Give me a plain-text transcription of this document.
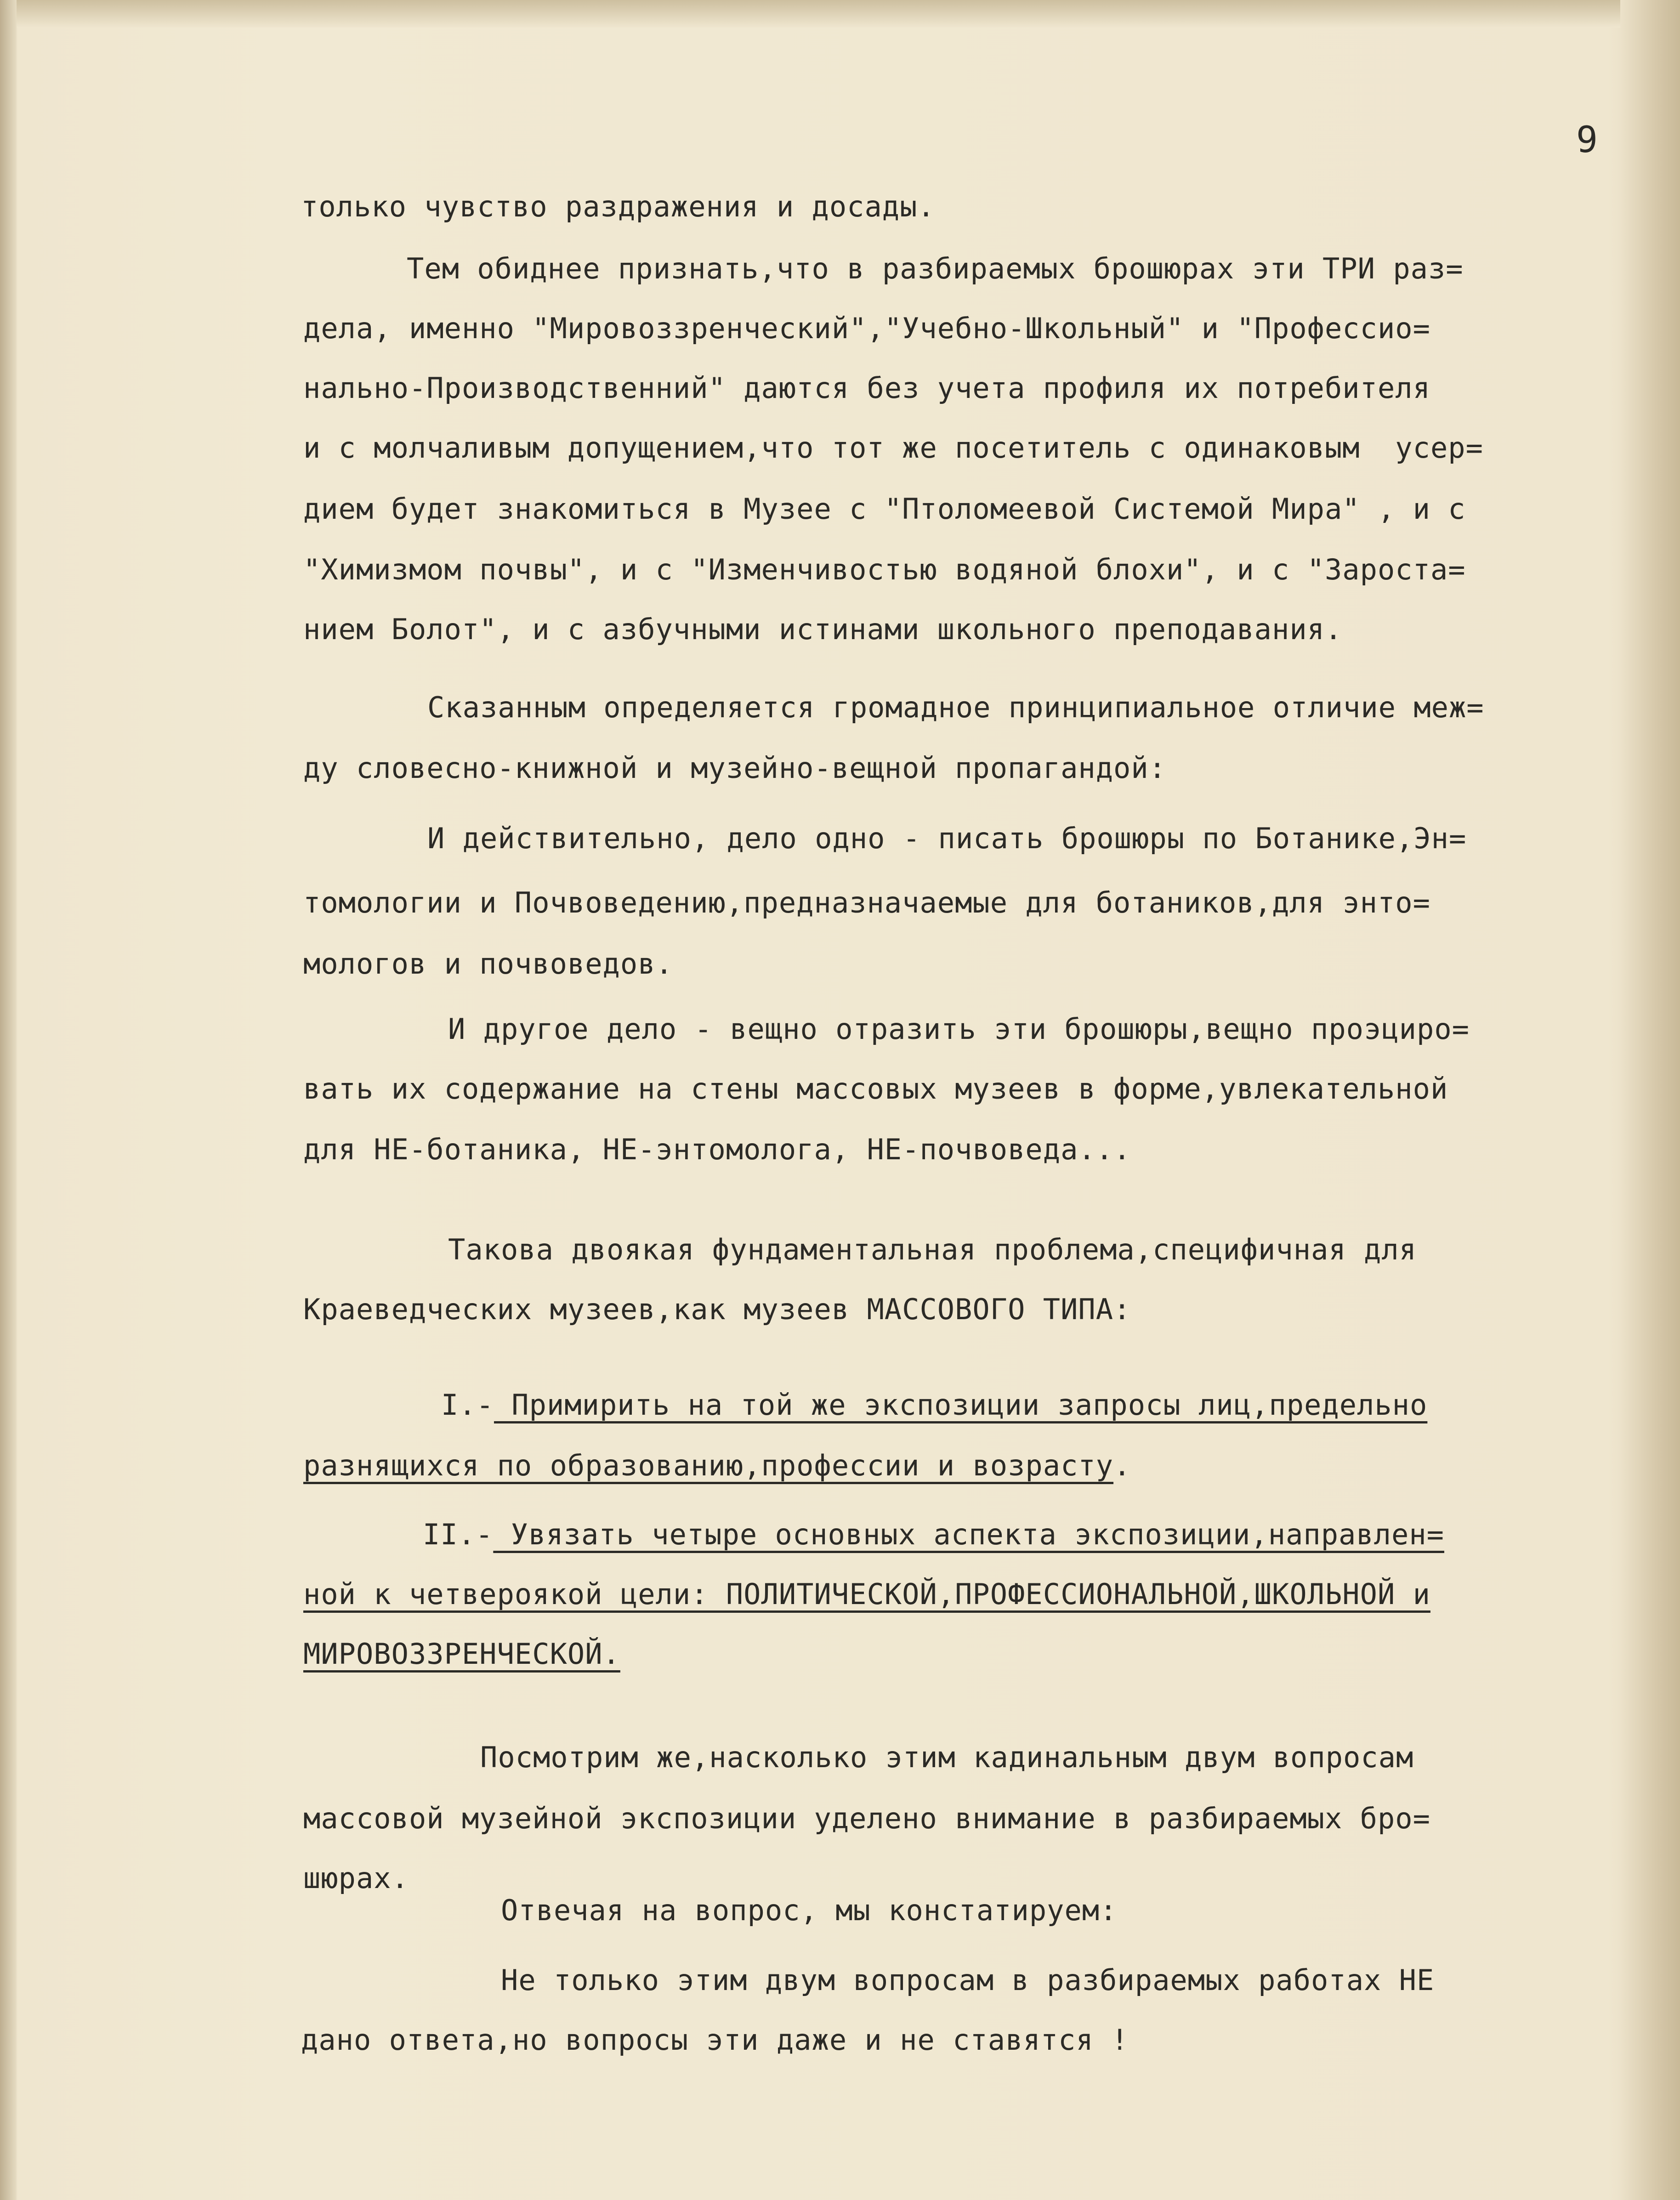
9
только чувство раздражения и досады.
Тем обиднее признать,что в разбираемых брошюрах эти ТРИ раз=
дела, именно "Мировоззренческий","Учебно-Школьный" и "Профессио=
нально-Производственний" даются без учета профиля их потребителя
и с молчаливым допущением,что тот же посетитель с одинаковым  усер=
дием будет знакомиться в Музее с "Птоломеевой Системой Мира" , и с
"Химизмом почвы", и с "Изменчивостью водяной блохи", и с "Зароста=
нием Болот", и с азбучными истинами школьного преподавания.
Сказанным определяется громадное принципиальное отличие меж=
ду словесно-книжной и музейно-вещной пропагандой:
И действительно, дело одно - писать брошюры по Ботанике,Эн=
томологии и Почвоведению,предназначаемые для ботаников,для энто=
мологов и почвоведов.
И другое дело - вещно отразить эти брошюры,вещно проэциро=
вать их содержание на стены массовых музеев в форме,увлекательной
для НЕ-ботаника, НЕ-энтомолога, НЕ-почвоведа...
Такова двоякая фундаментальная проблема,специфичная для
Краеведческих музеев,как музеев МАССОВОГО ТИПА:
I.- Примирить на той же экспозиции запросы лиц,предельно
разнящихся по образованию,профессии и возрасту.
II.- Увязать четыре основных аспекта экспозиции,направлен=
ной к четверoякой цели: ПОЛИТИЧЕСКОЙ,ПРОФЕССИОНАЛЬНОЙ,ШКОЛЬНОЙ и
МИРОВОЗЗРЕНЧЕСКОЙ.
Посмотрим же,насколько этим кадинальным двум вопросам
массовой музейной экспозиции уделено внимание в разбираемых бро=
шюрах.
Отвечая на вопрос, мы констатируем:
Не только этим двум вопросам в разбираемых работах НЕ
дано ответа,но вопросы эти даже и не ставятся !
